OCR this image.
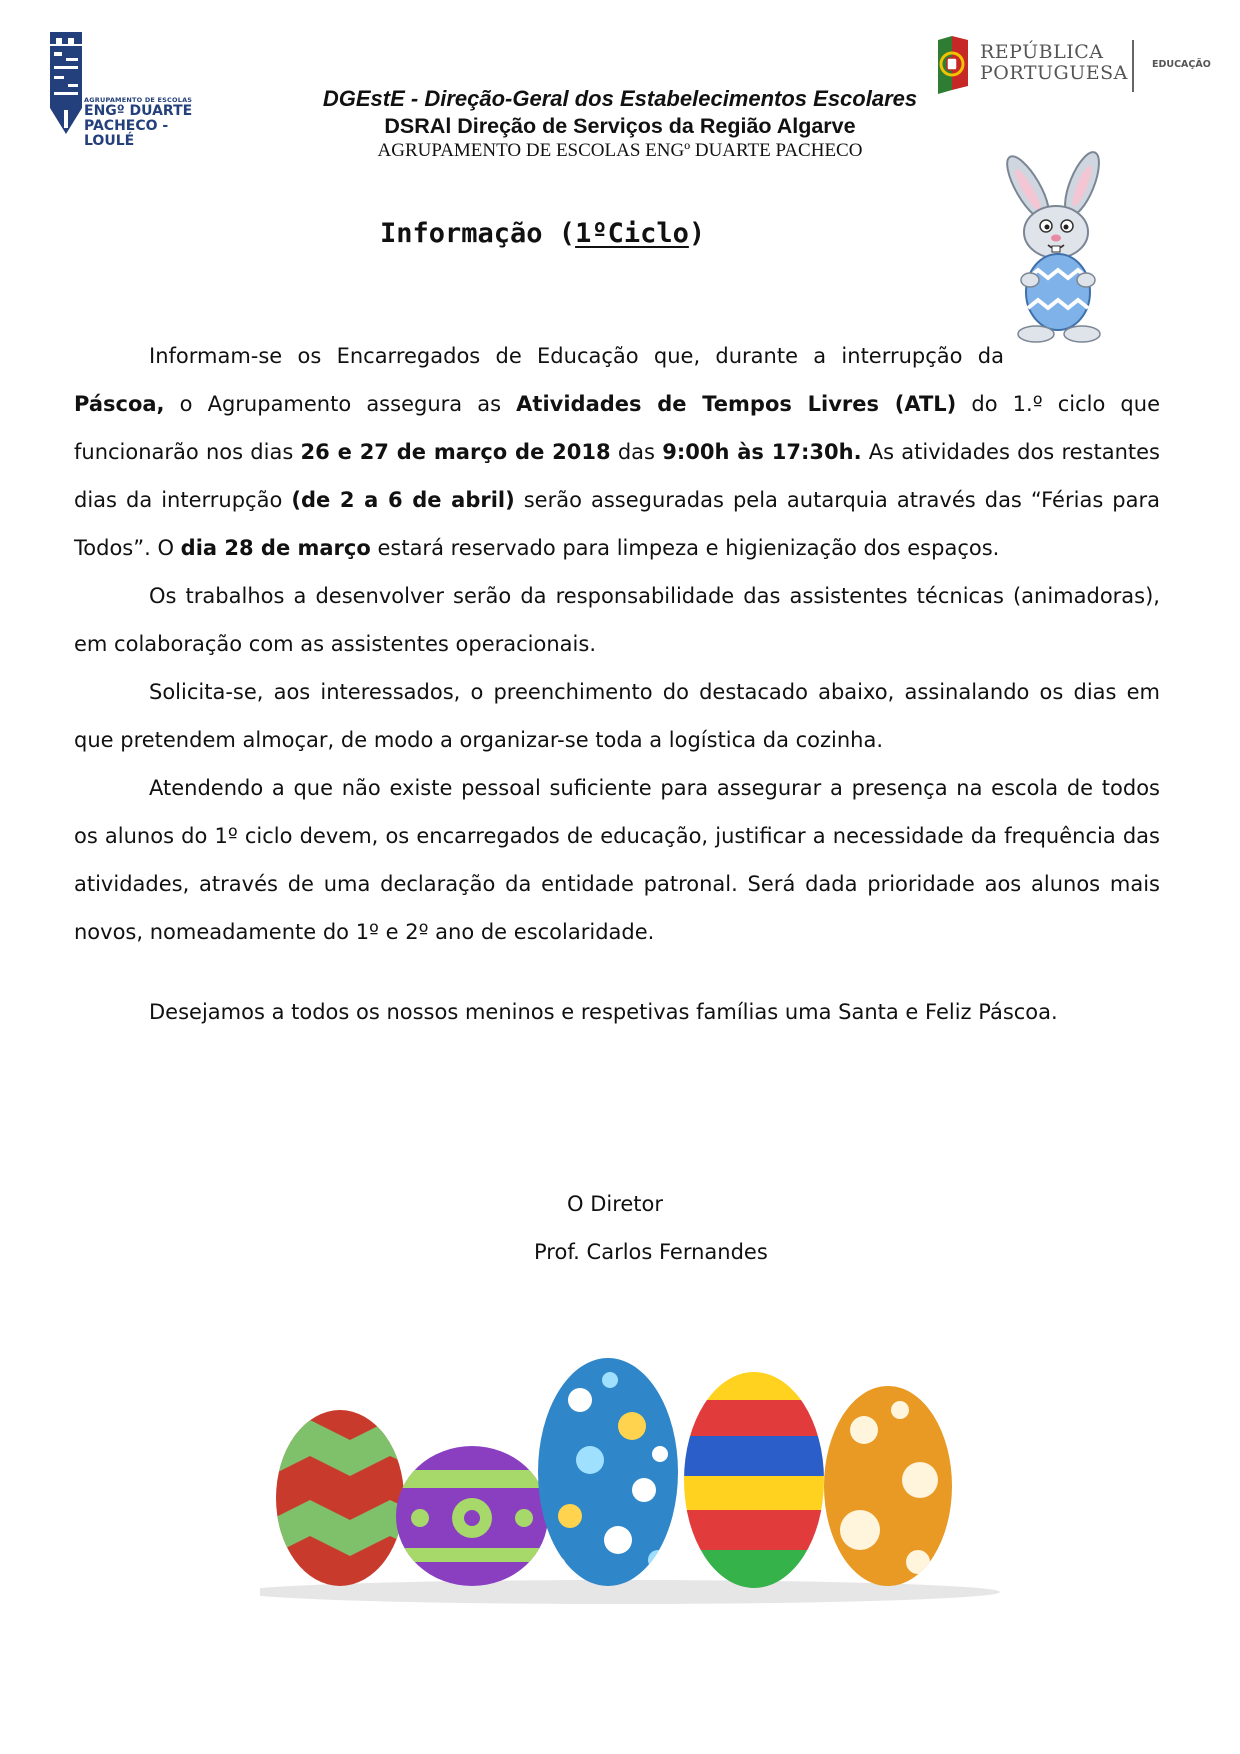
AGRUPAMENTO DE ESCOLAS
ENGº DUARTE
PACHECO - LOULÉ
REPÚBLICA
PORTUGUESA	EDUCAÇÃO
DGEstE - Direção-Geral dos Estabelecimentos Escolares
DSRAl Direção de Serviços da Região Algarve
AGRUPAMENTO DE ESCOLAS ENGº DUARTE PACHECO
Informação (1ºCiclo)
Informam-se os Encarregados de Educação que, durante a interrupção da
Páscoa, o Agrupamento assegura as Atividades de Tempos Livres (ATL) do 1.º ciclo que funcionarão nos dias 26 e 27 de março de 2018 das 9:00h às 17:30h. As atividades dos restantes dias da interrupção (de 2 a 6 de abril) serão asseguradas pela autarquia através das “Férias para Todos”. O dia 28 de março estará reservado para limpeza e higienização dos espaços.

Os trabalhos a desenvolver serão da responsabilidade das assistentes técnicas (animadoras), em colaboração com as assistentes operacionais.

Solicita-se, aos interessados, o preenchimento do destacado abaixo, assinalando os dias em que pretendem almoçar, de modo a organizar-se toda a logística da cozinha.

Atendendo a que não existe pessoal suficiente para assegurar a presença na escola de todos os alunos do 1º ciclo devem, os encarregados de educação, justificar a necessidade da frequência das atividades, através de uma declaração da entidade patronal. Será dada prioridade aos alunos mais novos, nomeadamente do 1º e 2º ano de escolaridade.

Desejamos a todos os nossos meninos e respetivas famílias uma Santa e Feliz Páscoa.
O Diretor
Prof. Carlos Fernandes
